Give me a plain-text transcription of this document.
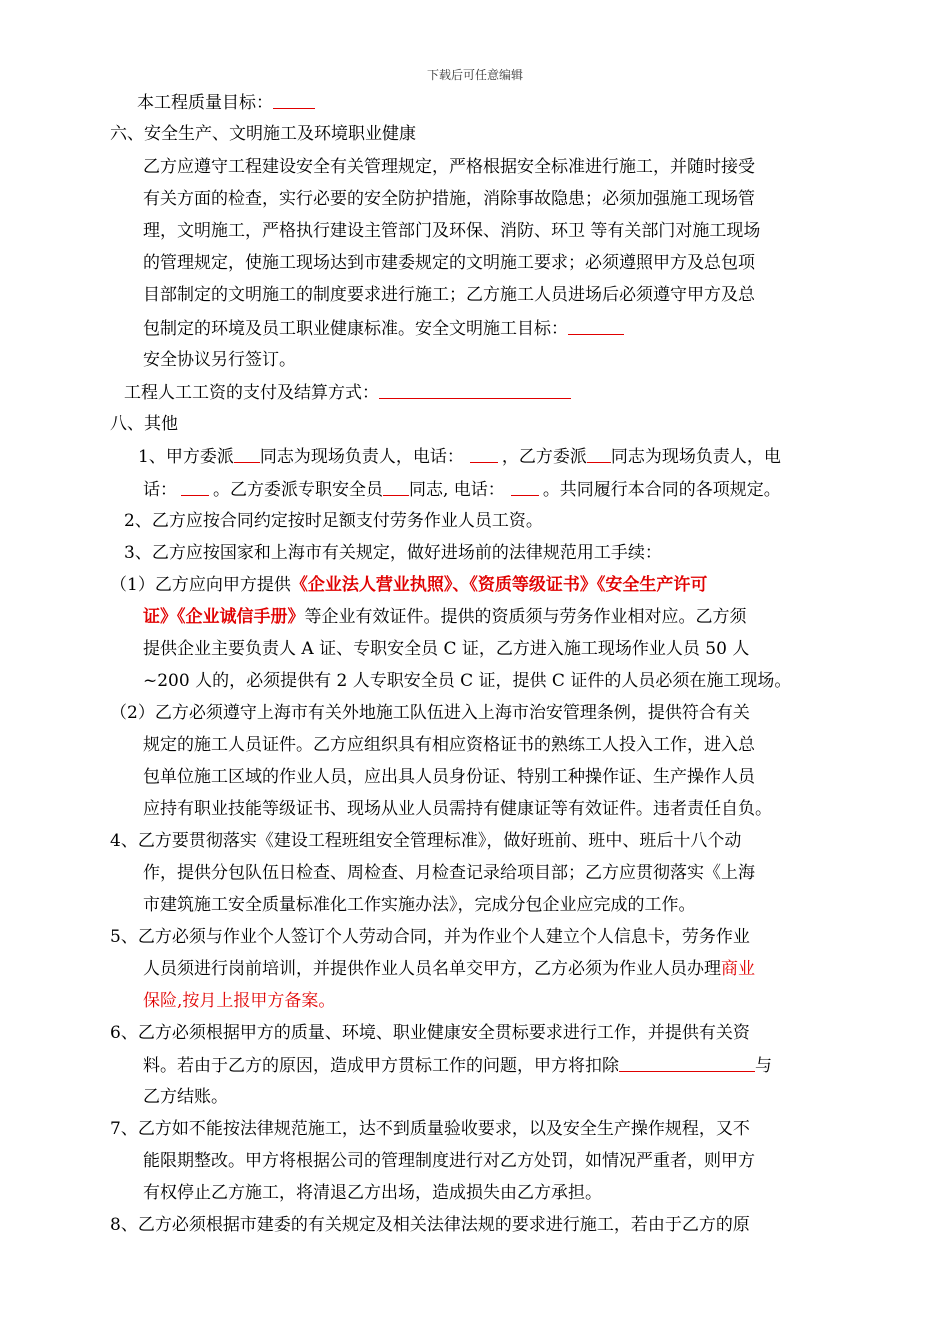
下载后可任意编辑
本工程质量目标：
六、安全生产、文明施工及环境职业健康
乙方应遵守工程建设安全有关管理规定，严格根据安全标准进行施工，并随时接受
有关方面的检查，实行必要的安全防护措施，消除事故隐患；必须加强施工现场管
理，文明施工，严格执行建设主管部门及环保、消防、环卫 等有关部门对施工现场
的管理规定，使施工现场达到市建委规定的文明施工要求；必须遵照甲方及总包项
目部制定的文明施工的制度要求进行施工；乙方施工人员进场后必须遵守甲方及总
包制定的环境及员工职业健康标准。安全文明施工目标：
安全协议另行签订。
工程人工工资的支付及结算方式：
八、其他
1、甲方委派 同志为现场负责人，电话： ，乙方委派 同志为现场负责人，电
话： 。乙方委派专职安全员 同志, 电话： 。共同履行本合同的各项规定。
2、乙方应按合同约定按时足额支付劳务作业人员工资。
3、乙方应按国家和上海市有关规定，做好进场前的法律规范用工手续：
（1）乙方应向甲方提供《企业法人营业执照》、《资质等级证书》《安全生产许可
证》《企业诚信手册》等企业有效证件。提供的资质须与劳务作业相对应。乙方须
提供企业主要负责人 A 证、专职安全员 C 证，乙方进入施工现场作业人员 50 人
~200 人的，必须提供有 2 人专职安全员 C 证，提供 C 证件的人员必须在施工现场。
（2）乙方必须遵守上海市有关外地施工队伍进入上海市治安管理条例，提供符合有关
规定的施工人员证件。乙方应组织具有相应资格证书的熟练工人投入工作，进入总
包单位施工区域的作业人员，应出具人员身份证、特别工种操作证、生产操作人员
应持有职业技能等级证书、现场从业人员需持有健康证等有效证件。违者责任自负。
4、乙方要贯彻落实《建设工程班组安全管理标准》，做好班前、班中、班后十八个动
作，提供分包队伍日检查、周检查、月检查记录给项目部；乙方应贯彻落实《上海
市建筑施工安全质量标准化工作实施办法》，完成分包企业应完成的工作。
5、乙方必须与作业个人签订个人劳动合同，并为作业个人建立个人信息卡，劳务作业
人员须进行岗前培训，并提供作业人员名单交甲方，乙方必须为作业人员办理商业
保险,按月上报甲方备案。
6、乙方必须根据甲方的质量、环境、职业健康安全贯标要求进行工作，并提供有关资
料。若由于乙方的原因，造成甲方贯标工作的问题，甲方将扣除	与
乙方结账。
7、乙方如不能按法律规范施工，达不到质量验收要求，以及安全生产操作规程，又不
能限期整改。甲方将根据公司的管理制度进行对乙方处罚，如情况严重者，则甲方
有权停止乙方施工，将清退乙方出场，造成损失由乙方承担。
8、乙方必须根据市建委的有关规定及相关法律法规的要求进行施工，若由于乙方的原
